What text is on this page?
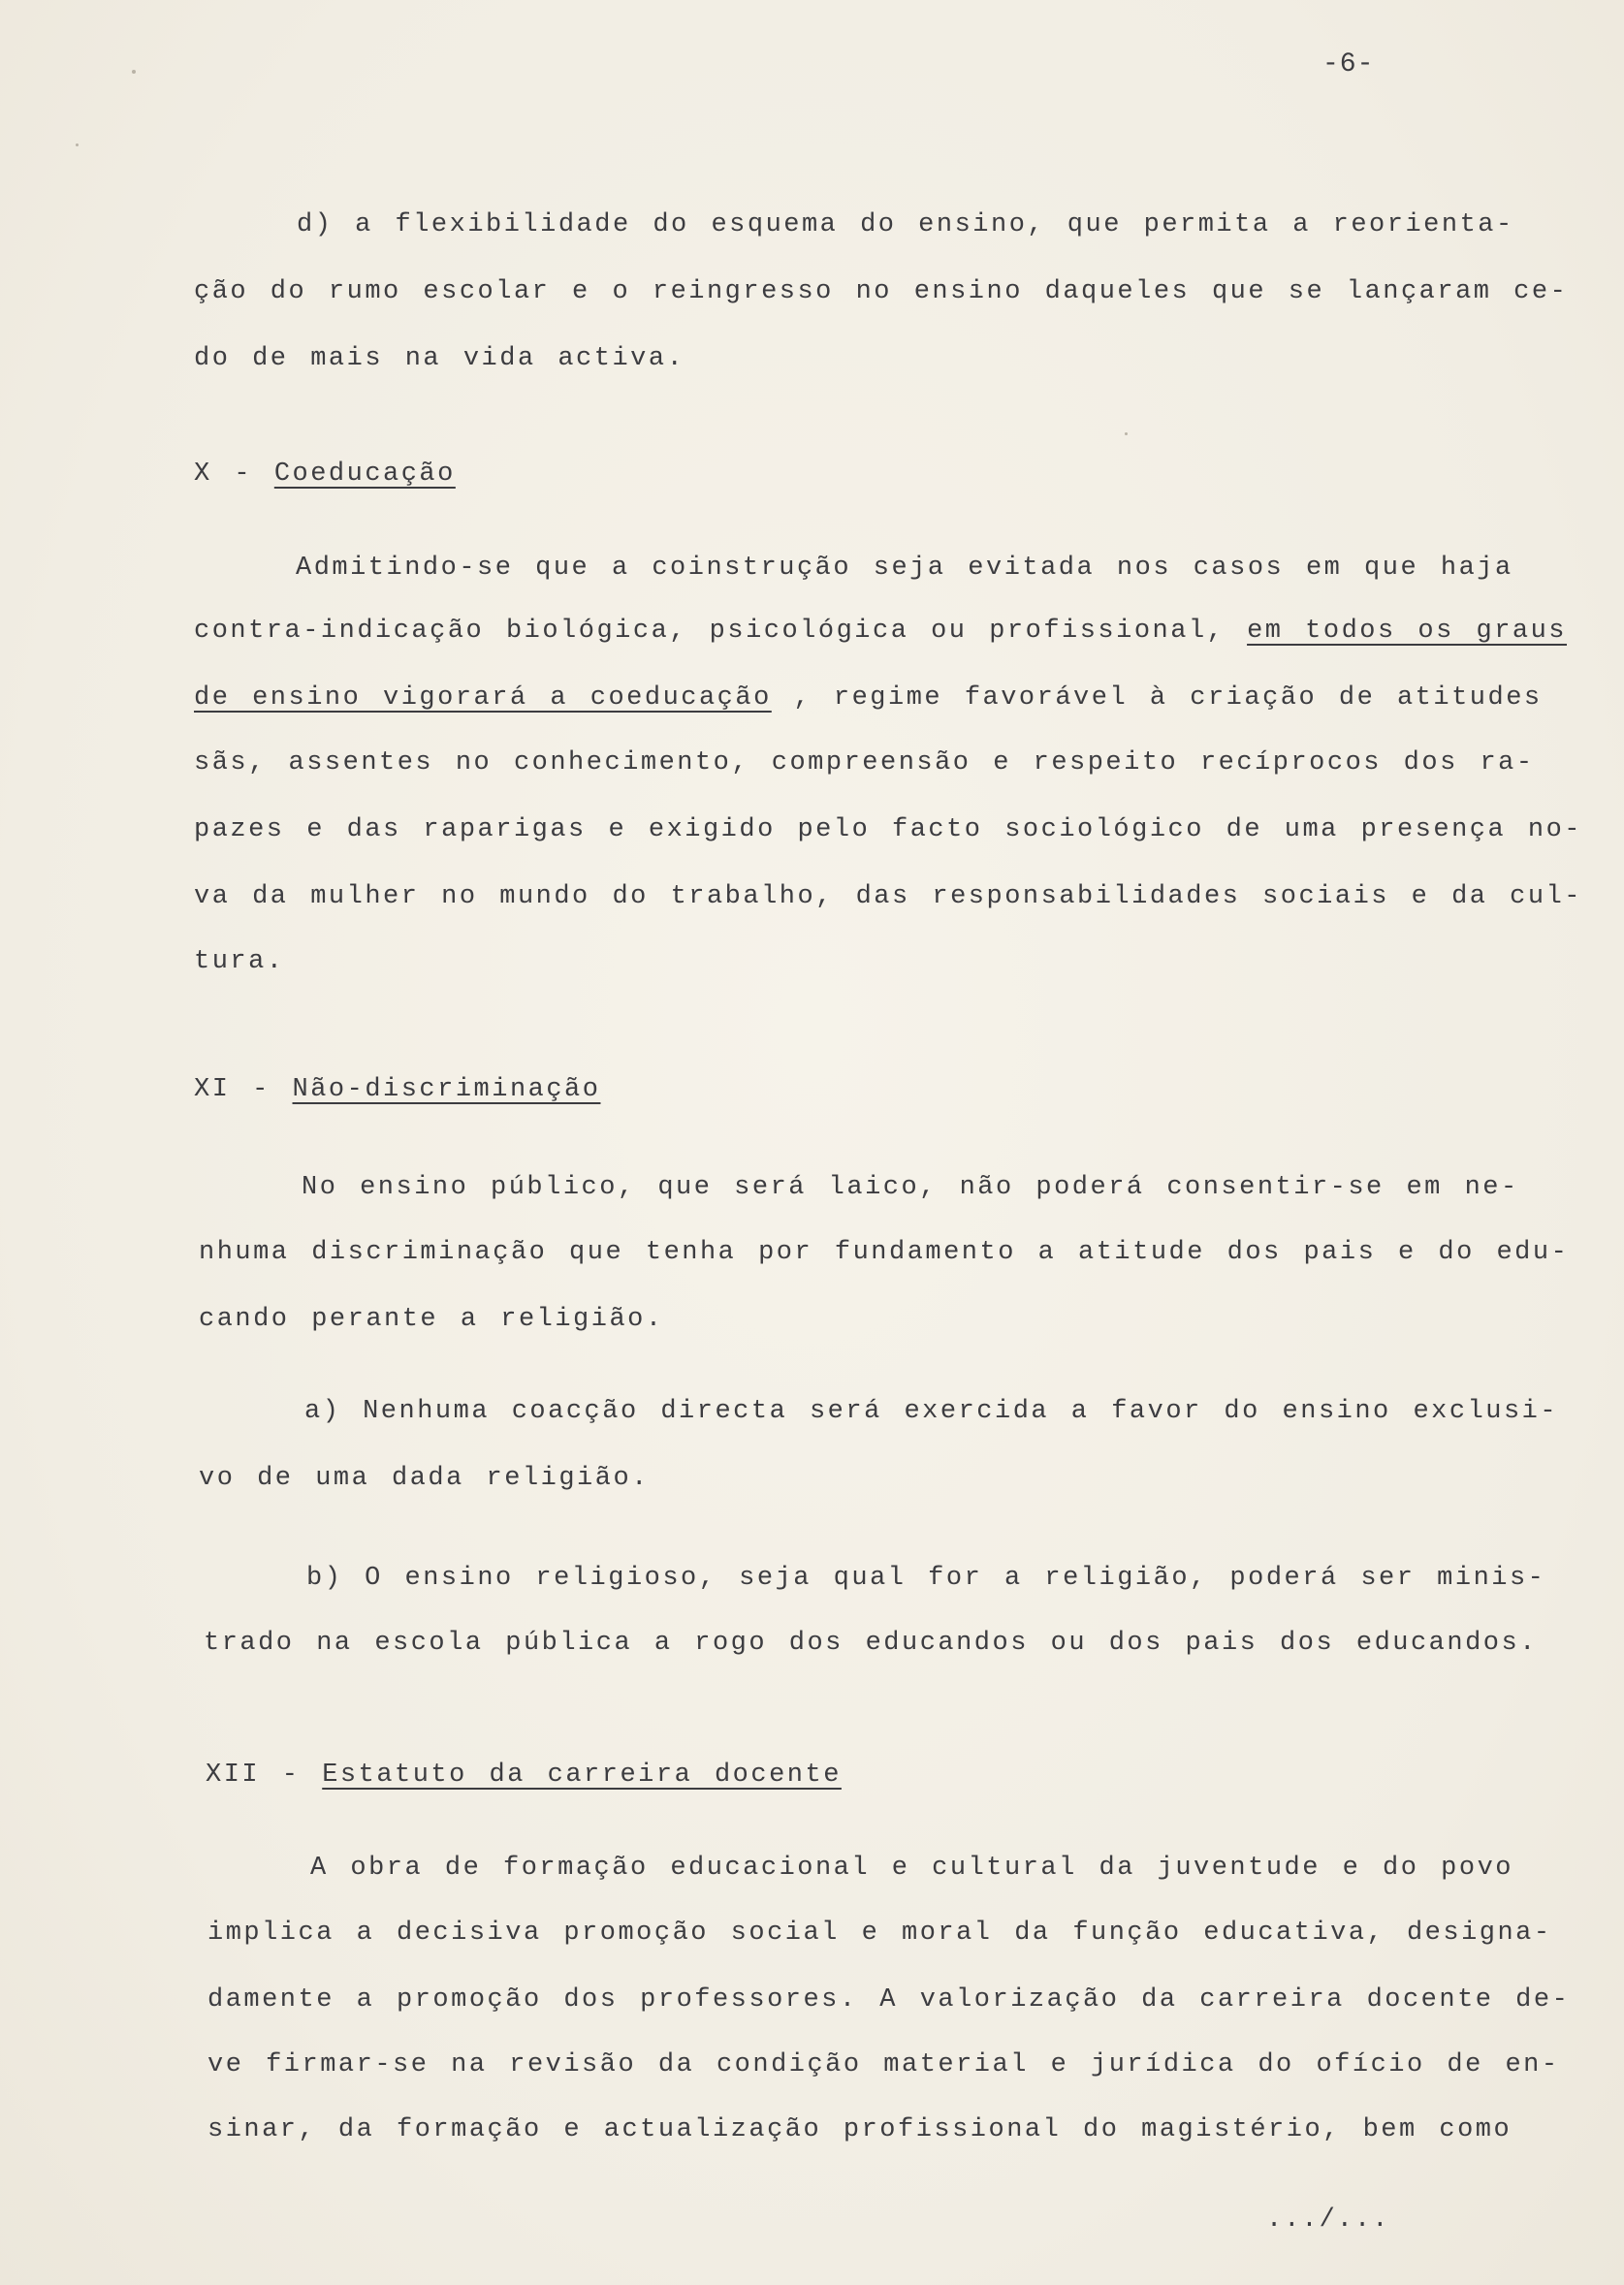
-6-
d) a flexibilidade do esquema do ensino, que permita a reorienta-
ção do rumo escolar e o reingresso no ensino daqueles que se lançaram ce-
do de mais na vida activa.
X - Coeducação
Admitindo-se que a coinstrução seja evitada nos casos em que haja
contra-indicação biológica, psicológica ou profissional, em todos os graus
de ensino vigorará a coeducação , regime favorável à criação de atitudes
sãs, assentes no conhecimento, compreensão e respeito recíprocos dos ra-
pazes e das raparigas e exigido pelo facto sociológico de uma presença no-
va da mulher no mundo do trabalho, das responsabilidades sociais e da cul-
tura.
XI - Não-discriminação
No ensino público, que será laico, não poderá consentir-se em ne-
nhuma discriminação que tenha por fundamento a atitude dos pais e do edu-
cando perante a religião.
a) Nenhuma coacção directa será exercida a favor do ensino exclusi-
vo de uma dada religião.
b) O ensino religioso, seja qual for a religião, poderá ser minis-
trado na escola pública a rogo dos educandos ou dos pais dos educandos.
XII - Estatuto da carreira docente
A obra de formação educacional e cultural da juventude e do povo
implica a decisiva promoção social e moral da função educativa, designa-
damente a promoção dos professores. A valorização da carreira docente de-
ve firmar-se na revisão da condição material e jurídica do ofício de en-
sinar, da formação e actualização profissional do magistério, bem como
.../...
